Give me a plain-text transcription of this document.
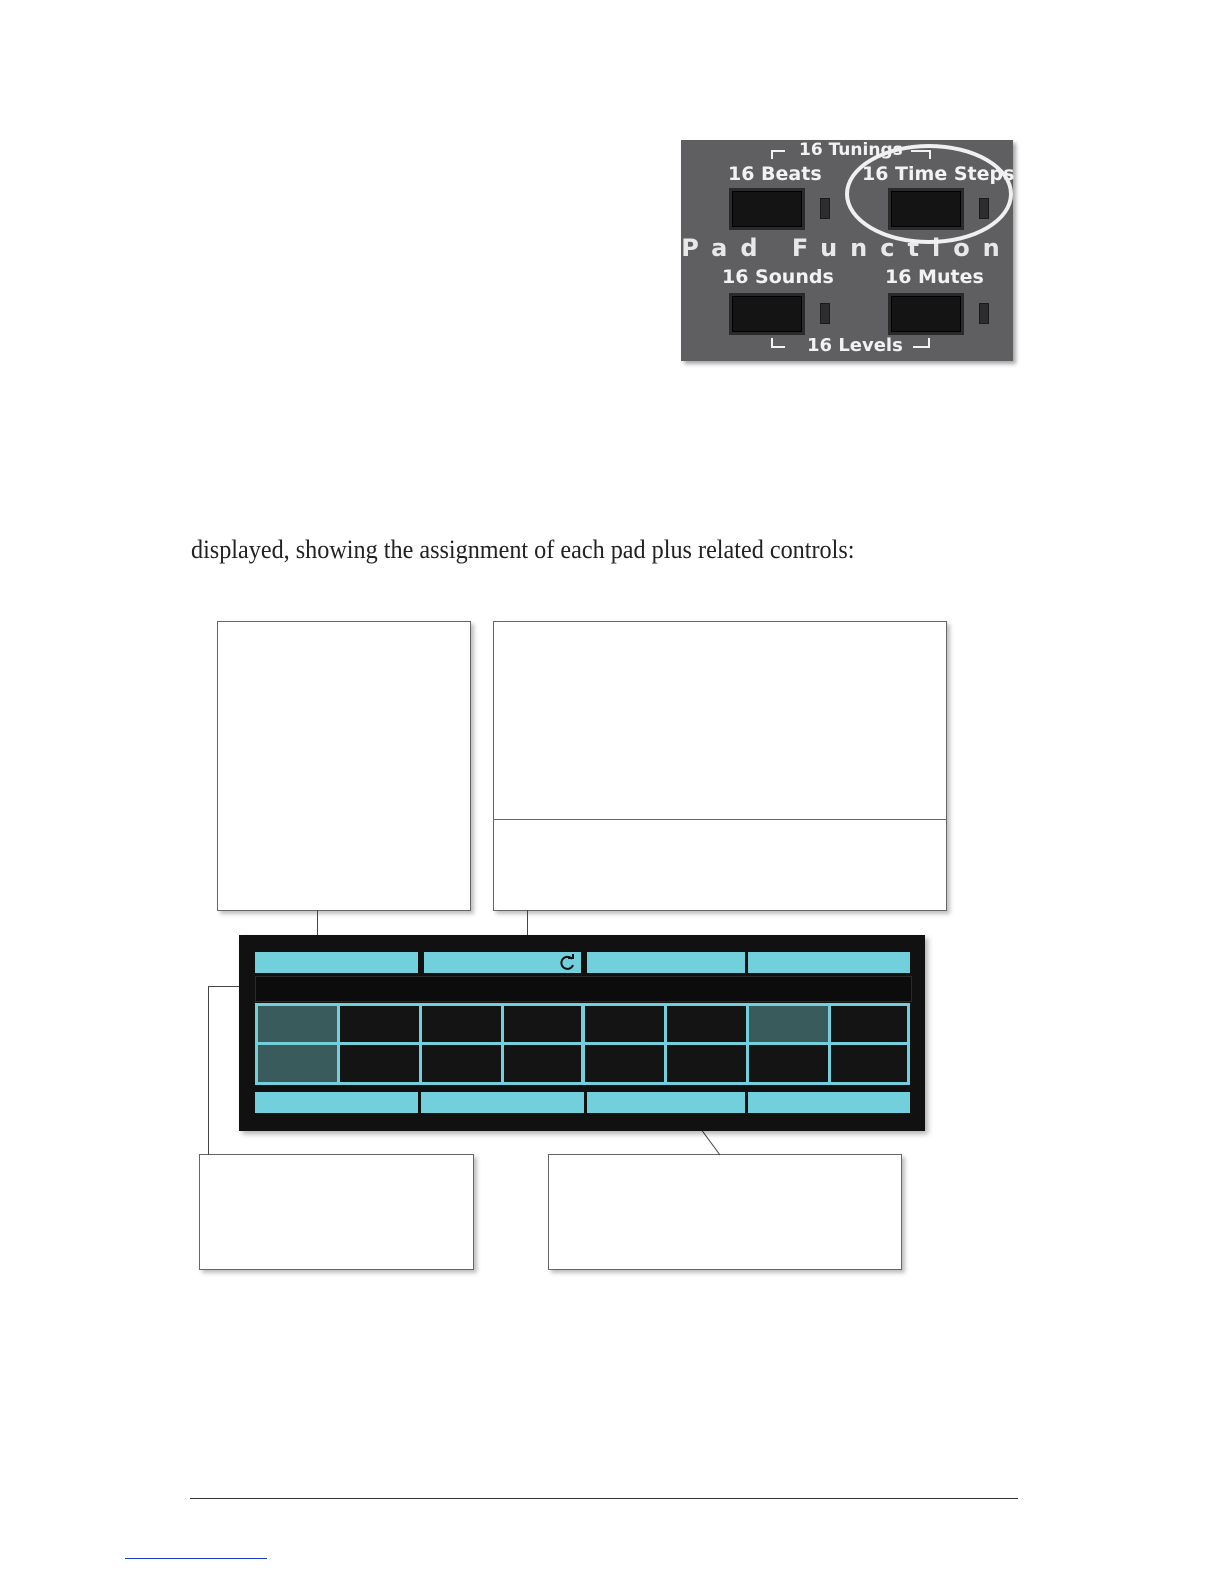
16 Tunings
16 Beats 16 Time Steps
Pad Function
16 Sounds	16 Mutes
16 Levels
displayed, showing the assignment of each pad plus related controls:
